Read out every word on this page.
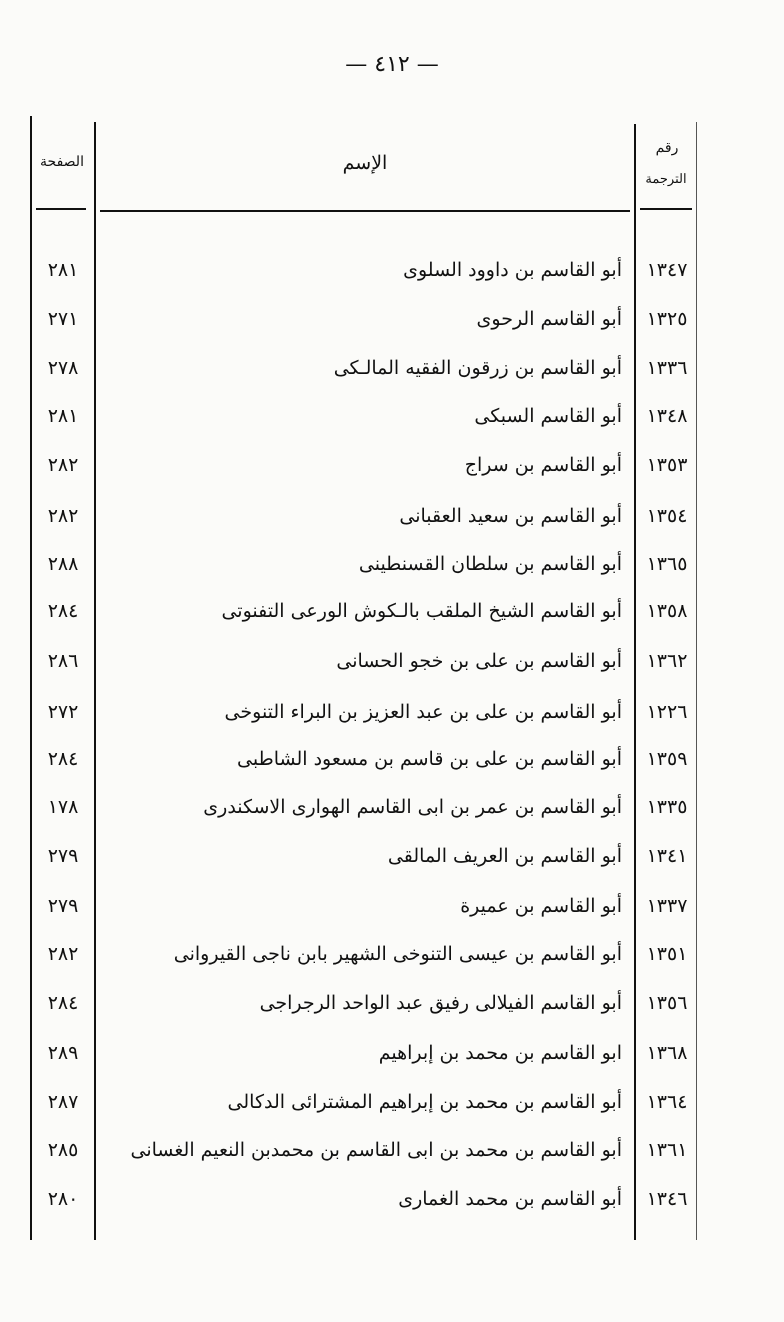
— ٤١٢ —
الصفحة	الإسم
رقم
الترجمة
١٣٤٧
أبو القاسم بن داوود السلوى
٢٨١
١٣٢٥
أبو القاسم الرحوى
٢٧١
١٣٣٦
أبو القاسم بن زرقون الفقيه المالـكى
٢٧٨
١٣٤٨
أبو القاسم السبكى
٢٨١
١٣٥٣
أبو القاسم بن سراج
٢٨٢
١٣٥٤
أبو القاسم بن سعيد العقبانى
٢٨٢
١٣٦٥
أبو القاسم بن سلطان القسنطينى
٢٨٨
١٣٥٨
أبو القاسم الشيخ الملقب بالـكوش الورعى التفنوتى
٢٨٤
١٣٦٢
أبو القاسم بن على بن خجو الحسانى
٢٨٦
١٢٢٦
أبو القاسم بن على بن عبد العزيز بن البراء التنوخى
٢٧٢
١٣٥٩
أبو القاسم بن على بن قاسم بن مسعود الشاطبى
٢٨٤
١٣٣٥
أبو القاسم بن عمر بن ابى القاسم الهوارى الاسكندرى
١٧٨
١٣٤١
أبو القاسم بن العريف المالقى
٢٧٩
١٣٣٧
أبو القاسم بن عميرة
٢٧٩
١٣٥١
أبو القاسم بن عيسى التنوخى الشهير بابن ناجى القيروانى
٢٨٢
١٣٥٦
أبو القاسم الفيلالى رفيق عبد الواحد الرجراجى
٢٨٤
١٣٦٨
ابو القاسم بن محمد بن إبراهيم
٢٨٩
١٣٦٤
أبو القاسم بن محمد بن إبراهيم المشترائى الدكالى
٢٨٧
١٣٦١
أبو القاسم بن محمد بن ابى القاسم بن محمدبن النعيم الغسانى
٢٨٥
١٣٤٦
أبو القاسم بن محمد الغمارى
٢٨٠
